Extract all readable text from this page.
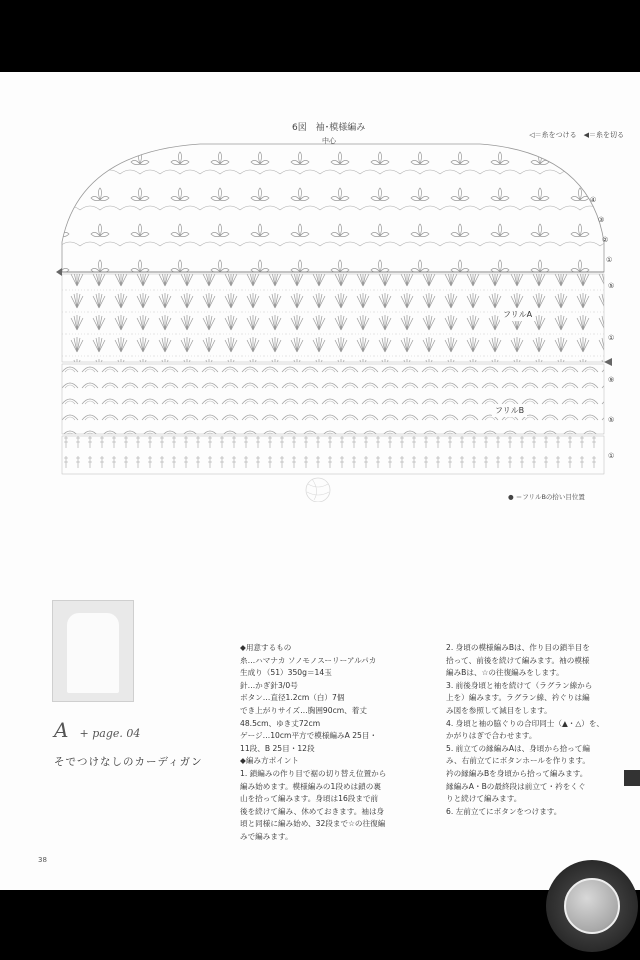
6図　袖･模様編み
中心
◁＝糸をつける　◀＝糸を切る
④
③
②
①
⑤
①
⑨
⑤
①
フリルA
フリルB
● ＝フリルBの拾い目位置
A + page. 04
そでつけなしのカーディガン
◆用意するもの
糸…ハマナカ ソノモノスーリーアルパカ
生成り（51）350g＝14玉
針…かぎ針3/0号
ボタン…直径1.2cm（白）7個
でき上がりサイズ…胸囲90cm、着丈
48.5cm、ゆき丈72cm
ゲージ…10cm平方で模様編みA 25目・
11段、B 25目・12段
◆編み方ポイント
1. 鎖編みの作り目で裾の切り替え位置から
編み始めます。模様編みの1段めは鎖の裏
山を拾って編みます。身頃は16段まで前
後を続けて編み、休めておきます。袖は身
頃と同様に編み始め、32段まで☆の往復編
みで編みます。
2. 身頃の模様編みBは、作り目の鎖半目を
拾って、前後を続けて編みます。袖の模様
編みBは、☆の往復編みをします。
3. 前後身頃と袖を続けて（ラグラン線から
上を）編みます。ラグラン線、衿ぐりは編
み図を参照して減目をします。
4. 身頃と袖の脇ぐりの合印同士（▲・△）を、
かがりはぎで合わせます。
5. 前立ての縁編みAは、身頃から拾って編
み、右前立てにボタンホールを作ります。
衿の縁編みBを身頃から拾って編みます。
縁編みA・Bの最終段は前立て・衿をくぐ
りと続けて編みます。
6. 左前立てにボタンをつけます。
38
